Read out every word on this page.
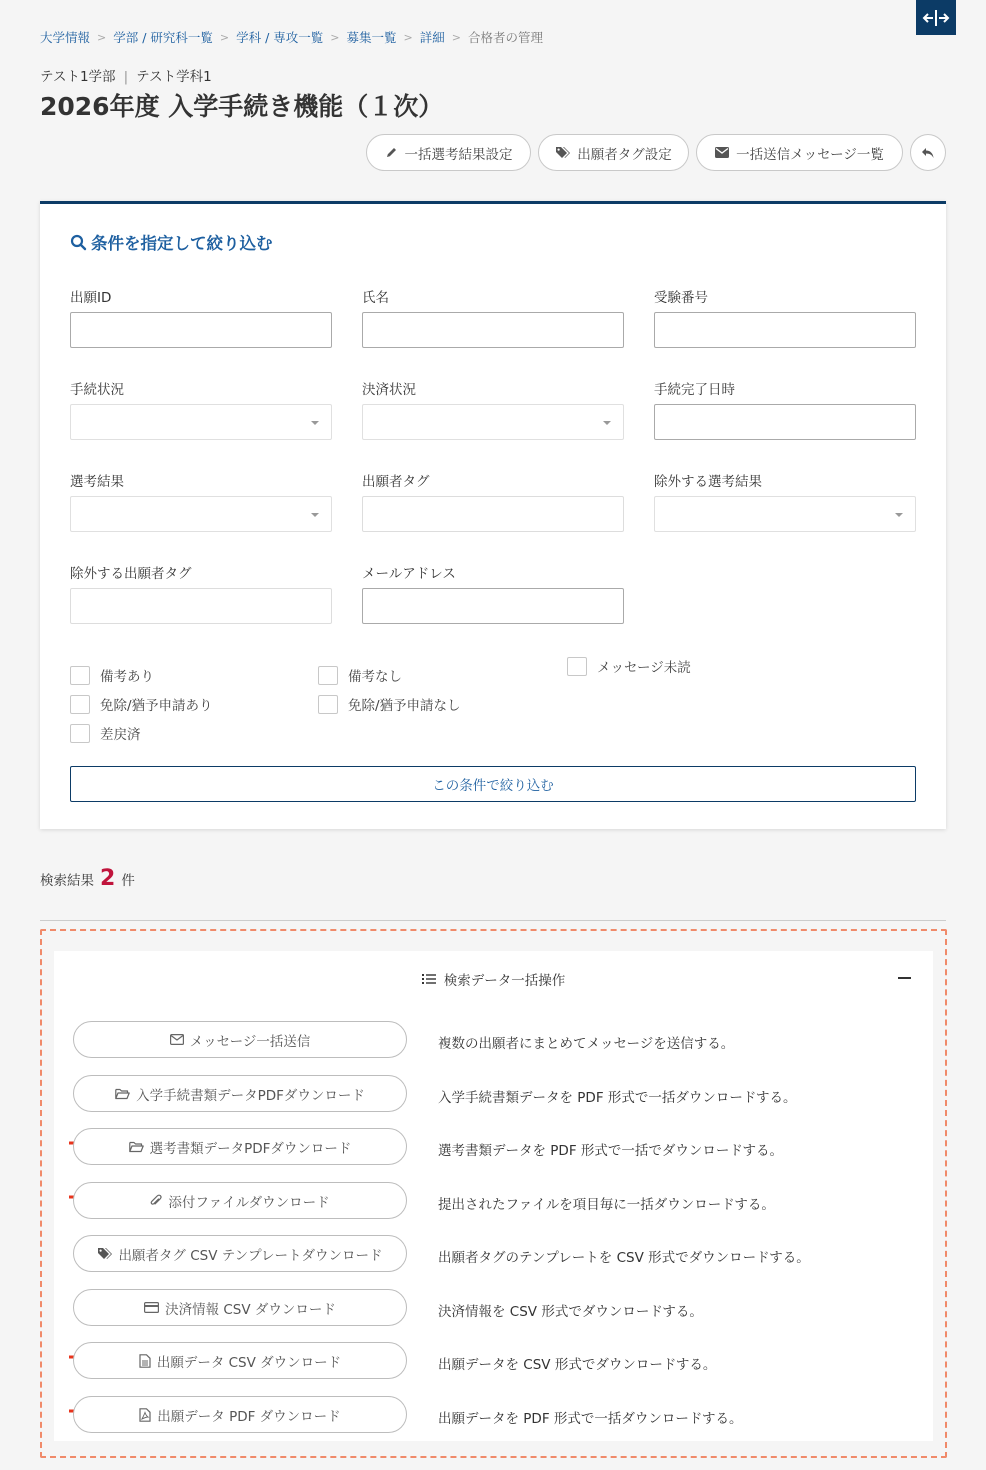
大学情報 > 学部 / 研究科一覧 > 学科 / 専攻一覧 > 募集一覧 > 詳細 > 合格者の管理
テスト1学部 | テスト学科1
2026年度 入学手続き機能（１次）
一括選考結果設定	出願者タグ設定	一括送信メッセージ一覧
条件を指定して絞り込む
出願ID	氏名	受験番号
手続状況	決済状況	手続完了日時
選考結果	出願者タグ	除外する選考結果
除外する出願者タグ	メールアドレス
備考あり	備考なし
メッセージ未読
免除/猶予申請あり	免除/猶予申請なし
差戻済
この条件で絞り込む
検索結果 2 件
検索データ一括操作
メッセージ一括送信	複数の出願者にまとめてメッセージを送信する。

入学手続書類データPDFダウンロード	入学手続書類データを PDF 形式で一括ダウンロードする。

選考書類データPDFダウンロード	選考書類データを PDF 形式で一括でダウンロードする。

添付ファイルダウンロード	提出されたファイルを項目毎に一括ダウンロードする。

出願者タグ CSV テンプレートダウンロード	出願者タグのテンプレートを CSV 形式でダウンロードする。

決済情報 CSV ダウンロード	決済情報を CSV 形式でダウンロードする。

出願データ CSV ダウンロード	出願データを CSV 形式でダウンロードする。

出願データ PDF ダウンロード	出願データを PDF 形式で一括ダウンロードする。
